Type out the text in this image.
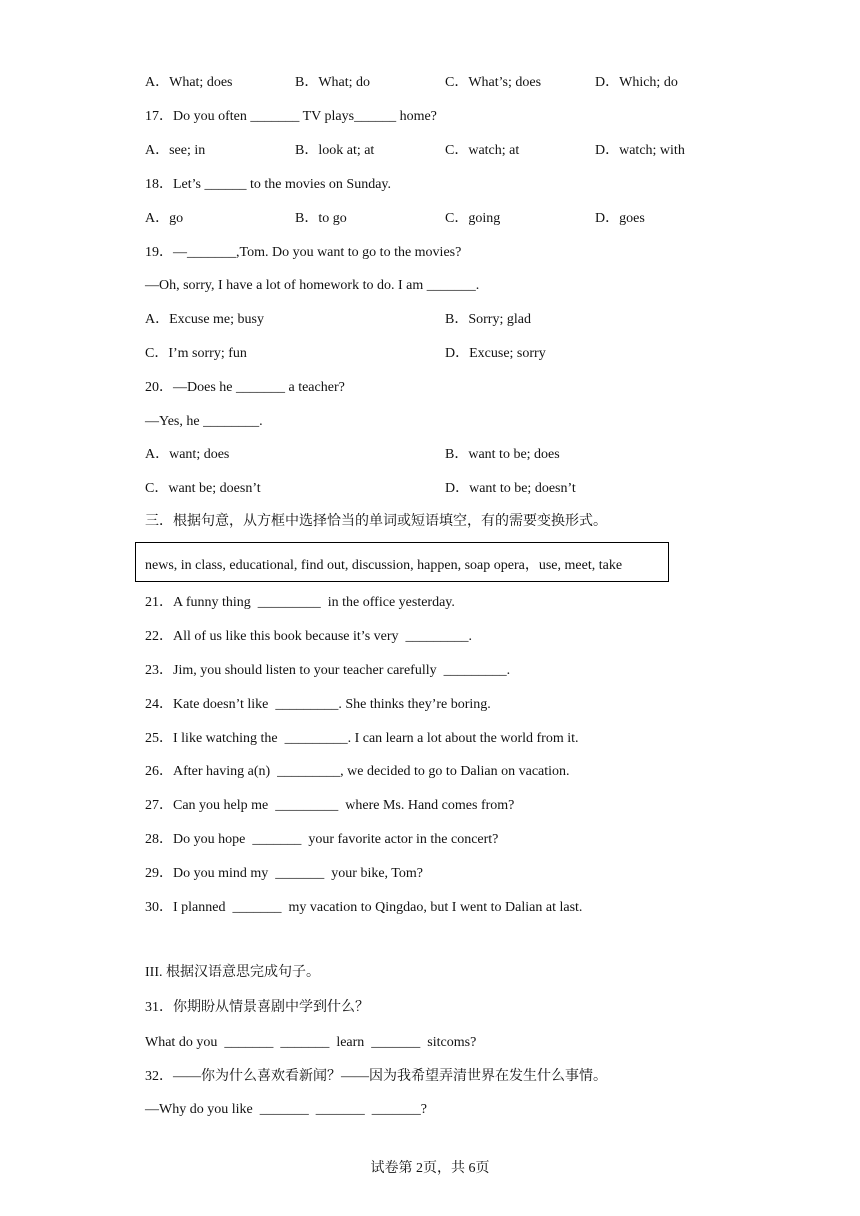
A．What; does	B．What; do	C．What’s; does	D．Which; do
17．Do you often _______ TV plays______ home?
A．see; in	B．look at; at	C．watch; at	D．watch; with
18．Let’s ______ to the movies on Sunday.
A．go	B．to go	C．going	D．goes
19．—_______,Tom. Do you want to go to the movies?
—Oh, sorry, I have a lot of homework to do. I am _______.
A．Excuse me; busy	B．Sorry; glad
C．I’m sorry; fun	D．Excuse; sorry
20．—Does he _______ a teacher?
—Yes, he ________.
A．want; does	B．want to be; does
C．want be; doesn’t	D．want to be; doesn’t
三．根据句意，从方框中选择恰当的单词或短语填空，有的需要变换形式。
news, in class, educational, find out, discussion, happen, soap opera，use, meet, take
21．A funny thing  _________  in the office yesterday.
22．All of us like this book because it’s very  _________.
23．Jim, you should listen to your teacher carefully  _________.
24．Kate doesn’t like  _________. She thinks they’re boring.
25．I like watching the  _________. I can learn a lot about the world from it.
26．After having a(n)  _________, we decided to go to Dalian on vacation.
27．Can you help me  _________  where Ms. Hand comes from?
28．Do you hope  _______  your favorite actor in the concert?
29．Do you mind my  _______  your bike, Tom?
30．I planned  _______  my vacation to Qingdao, but I went to Dalian at last.
III. 根据汉语意思完成句子。
31．你期盼从情景喜剧中学到什么？
What do you  _______  _______  learn  _______  sitcoms?
32．——你为什么喜欢看新闻？——因为我希望弄清世界在发生什么事情。
—Why do you like  _______  _______  _______?
试卷第 2页，共 6页
